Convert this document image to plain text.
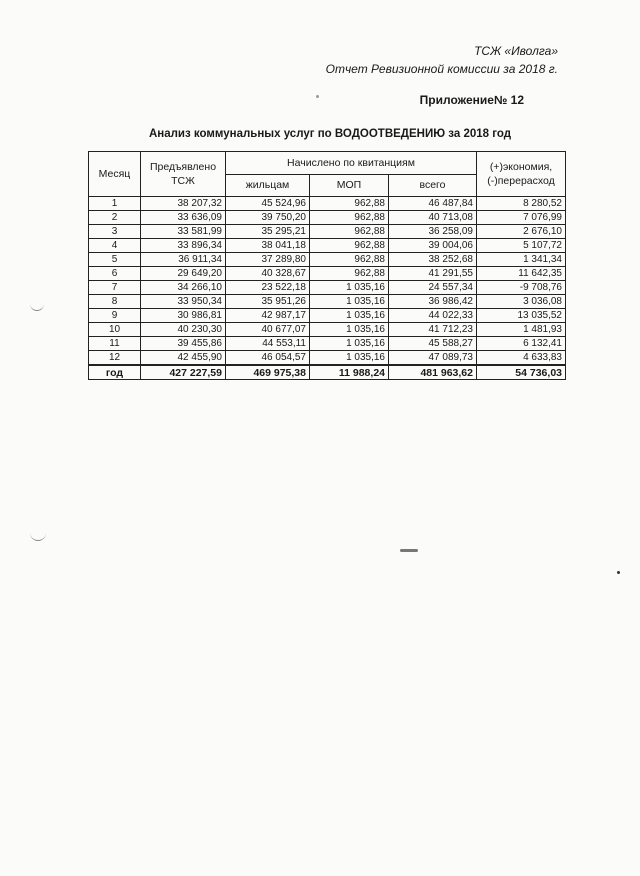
ТСЖ «Иволга»
Отчет Ревизионной комиссии за 2018 г.
Приложение№ 12
Анализ коммунальных услуг по ВОДООТВЕДЕНИЮ за 2018 год
Месяц	Предъявлено ТСЖ	Начислено по квитанциям			(+)экономия, (-)перерасход
		жильцам	МОП	всего	
1	38 207,32	45 524,96	962,88	46 487,84	8 280,52
2	33 636,09	39 750,20	962,88	40 713,08	7 076,99
3	33 581,99	35 295,21	962,88	36 258,09	2 676,10
4	33 896,34	38 041,18	962,88	39 004,06	5 107,72
5	36 911,34	37 289,80	962,88	38 252,68	1 341,34
6	29 649,20	40 328,67	962,88	41 291,55	11 642,35
7	34 266,10	23 522,18	1 035,16	24 557,34	-9 708,76
8	33 950,34	35 951,26	1 035,16	36 986,42	3 036,08
9	30 986,81	42 987,17	1 035,16	44 022,33	13 035,52
10	40 230,30	40 677,07	1 035,16	41 712,23	1 481,93
11	39 455,86	44 553,11	1 035,16	45 588,27	6 132,41
12	42 455,90	46 054,57	1 035,16	47 089,73	4 633,83
год	427 227,59	469 975,38	11 988,24	481 963,62	54 736,03
